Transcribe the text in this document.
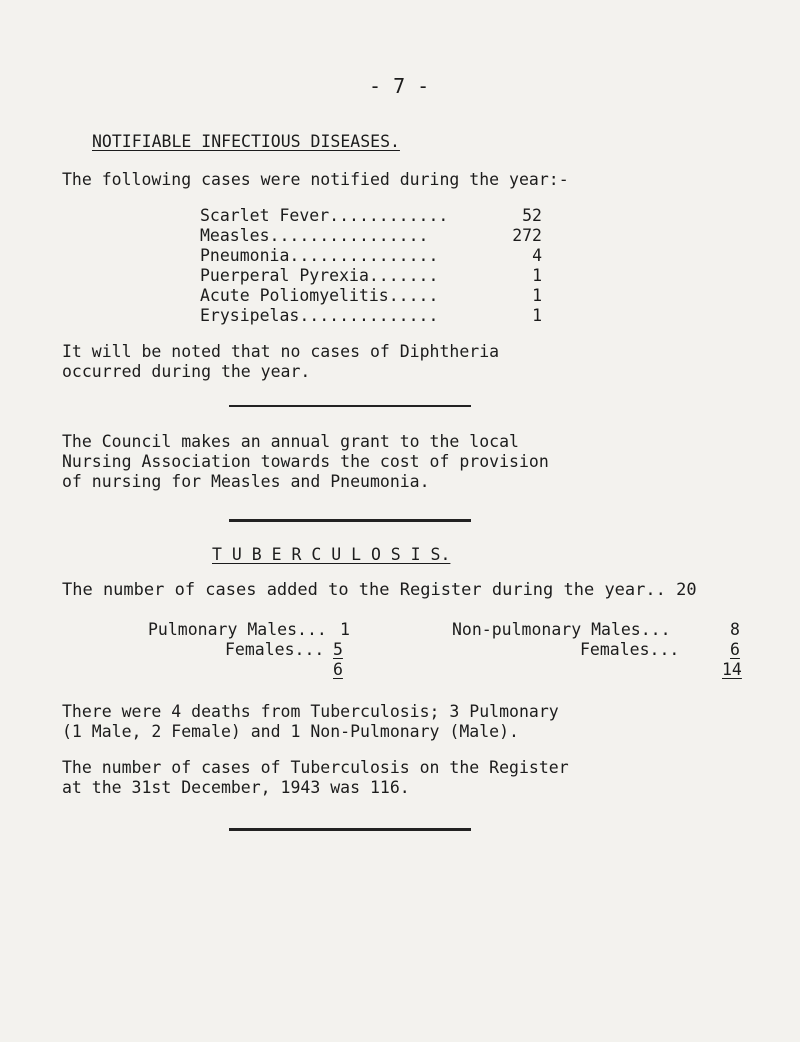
- 7 -
NOTIFIABLE INFECTIOUS DISEASES.
The following cases were notified during the year:-
Scarlet Fever............	52
Measles................	272
Pneumonia...............	4
Puerperal Pyrexia.......	1
Acute Poliomyelitis.....	1
Erysipelas..............	1
It will be noted that no cases of Diphtheria
occurred during the year.
The Council makes an annual grant to the local
Nursing Association towards the cost of provision
of nursing for Measles and Pneumonia.
T U B E R C U L O S I S.
The number of cases added to the Register during the year.. 20
Pulmonary Males... 1
Females... 5
6
Non-pulmonary Males...	8
Females...	6
14
There were 4 deaths from Tuberculosis; 3 Pulmonary
(1 Male, 2 Female) and 1 Non-Pulmonary (Male).
The number of cases of Tuberculosis on the Register
at the 31st December, 1943 was 116.
